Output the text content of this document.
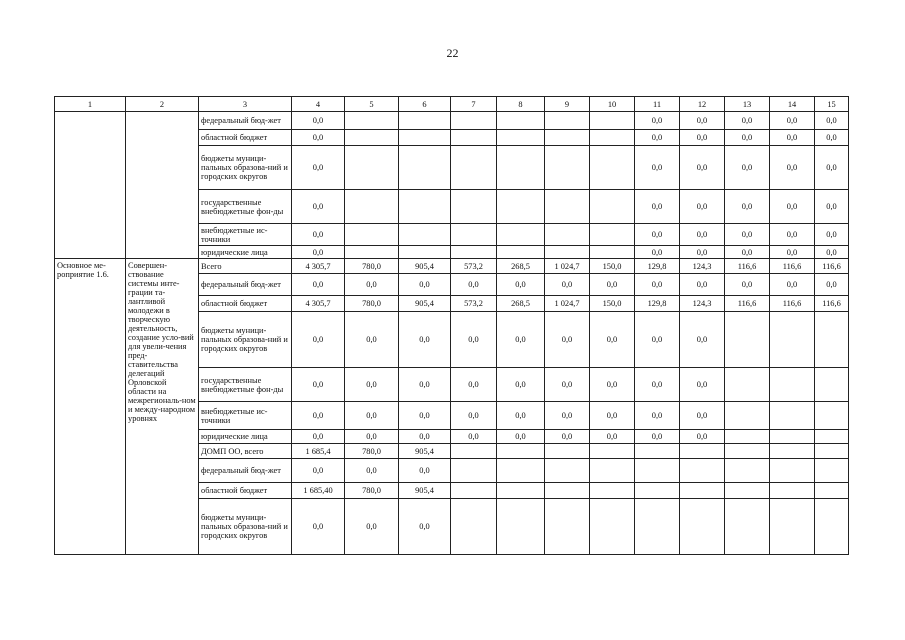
22
1	2	3	4	5	6	7	8	9	10	11	12	13	14	15
		федеральный бюд-жет	0,0							0,0	0,0	0,0	0,0	0,0
		областной бюджет	0,0							0,0	0,0	0,0	0,0	0,0
		бюджеты муници-пальных образова-ний и городских округов	0,0							0,0	0,0	0,0	0,0	0,0
		государственные внебюджетные фон-ды	0,0							0,0	0,0	0,0	0,0	0,0
		внебюджетные ис-точники	0,0							0,0	0,0	0,0	0,0	0,0
		юридические лица	0,0							0,0	0,0	0,0	0,0	0,0
Основное ме-роприятие 1.6.	Совершен-ствование системы инте-грации та-лантливой молодежи в творческую деятельность, создание усло-вий для увели-чения пред-ставительства делегаций Орловской области на межрегиональ-ном и между-народном уровнях	Всего	4 305,7	780,0	905,4	573,2	268,5	1 024,7	150,0	129,8	124,3	116,6	116,6	116,6
		федеральный бюд-жет	0,0	0,0	0,0	0,0	0,0	0,0	0,0	0,0	0,0	0,0	0,0	0,0
		областной бюджет	4 305,7	780,0	905,4	573,2	268,5	1 024,7	150,0	129,8	124,3	116,6	116,6	116,6
		бюджеты муници-пальных образова-ний и городских округов	0,0	0,0	0,0	0,0	0,0	0,0	0,0	0,0	0,0			
		государственные внебюджетные фон-ды	0,0	0,0	0,0	0,0	0,0	0,0	0,0	0,0	0,0			
		внебюджетные ис-точники	0,0	0,0	0,0	0,0	0,0	0,0	0,0	0,0	0,0			
		юридические лица	0,0	0,0	0,0	0,0	0,0	0,0	0,0	0,0	0,0			
		ДОМП ОО, всего	1 685,4	780,0	905,4									
		федеральный бюд-жет	0,0	0,0	0,0									
		областной бюджет	1 685,40	780,0	905,4									
		бюджеты муници-пальных образова-ний и городских округов	0,0	0,0	0,0									
